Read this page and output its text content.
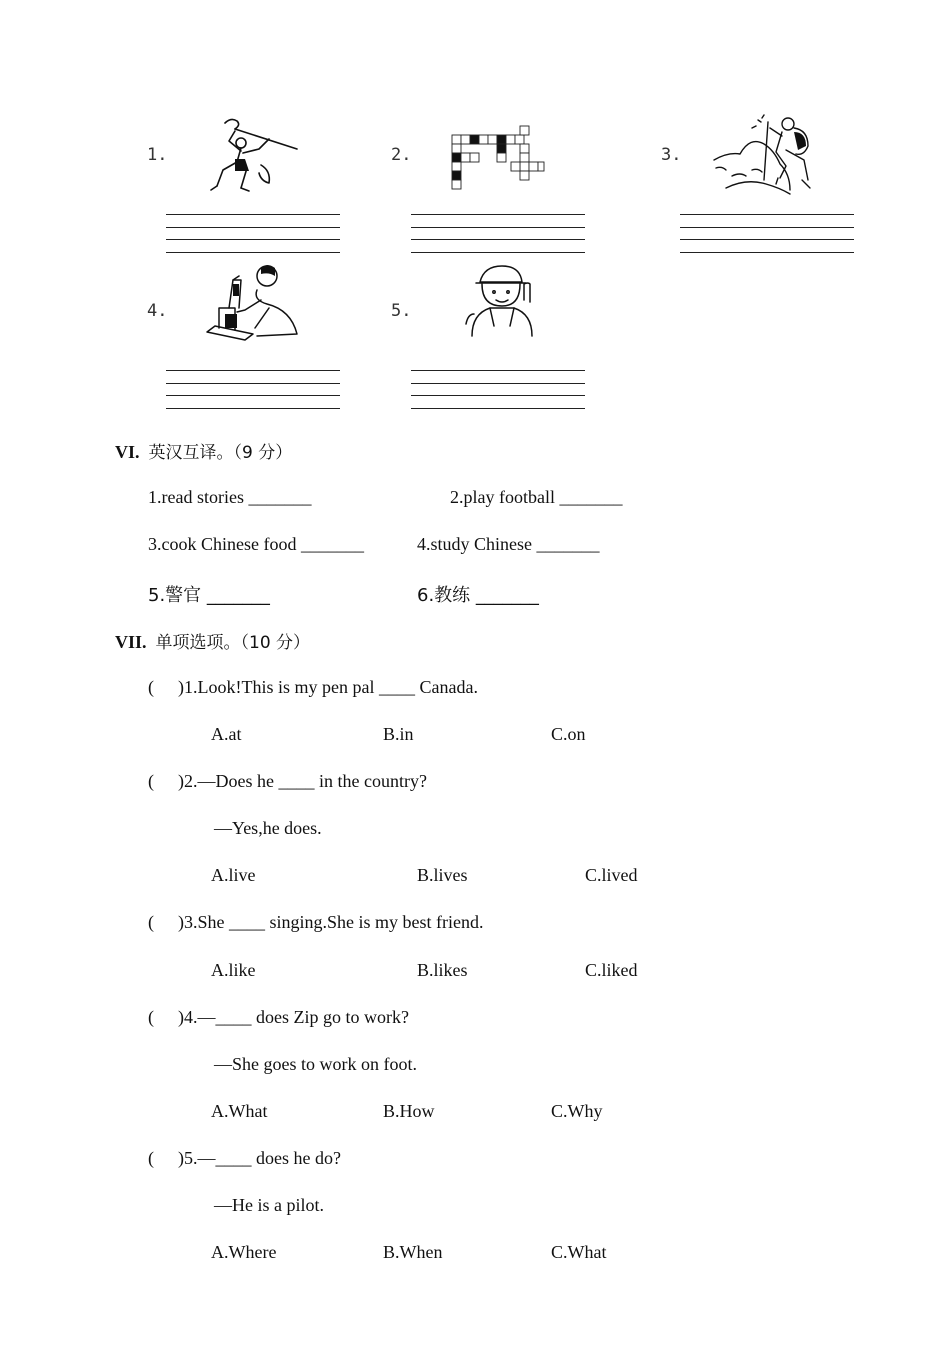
1.	2.	3.
4.	5.
VI.  英汉互译。（9 分）
1.read stories _______	2.play football _______
3.cook Chinese food _______	4.study Chinese _______
5.警官 _______	6.教练 _______
VII. 单项选项。（10 分）
( )1.Look!This is my pen pal ____ Canada.
A.at	B.in	C.on
( )2.—Does he ____ in the country?
—Yes,he does.
A.live	B.lives	C.lived
( )3.She ____ singing.She is my best friend.
A.like	B.likes	C.liked
( )4.—____ does Zip go to work?
—She goes to work on foot.
A.What	B.How	C.Why
( )5.—____ does he do?
—He is a pilot.
A.Where	B.When	C.What
